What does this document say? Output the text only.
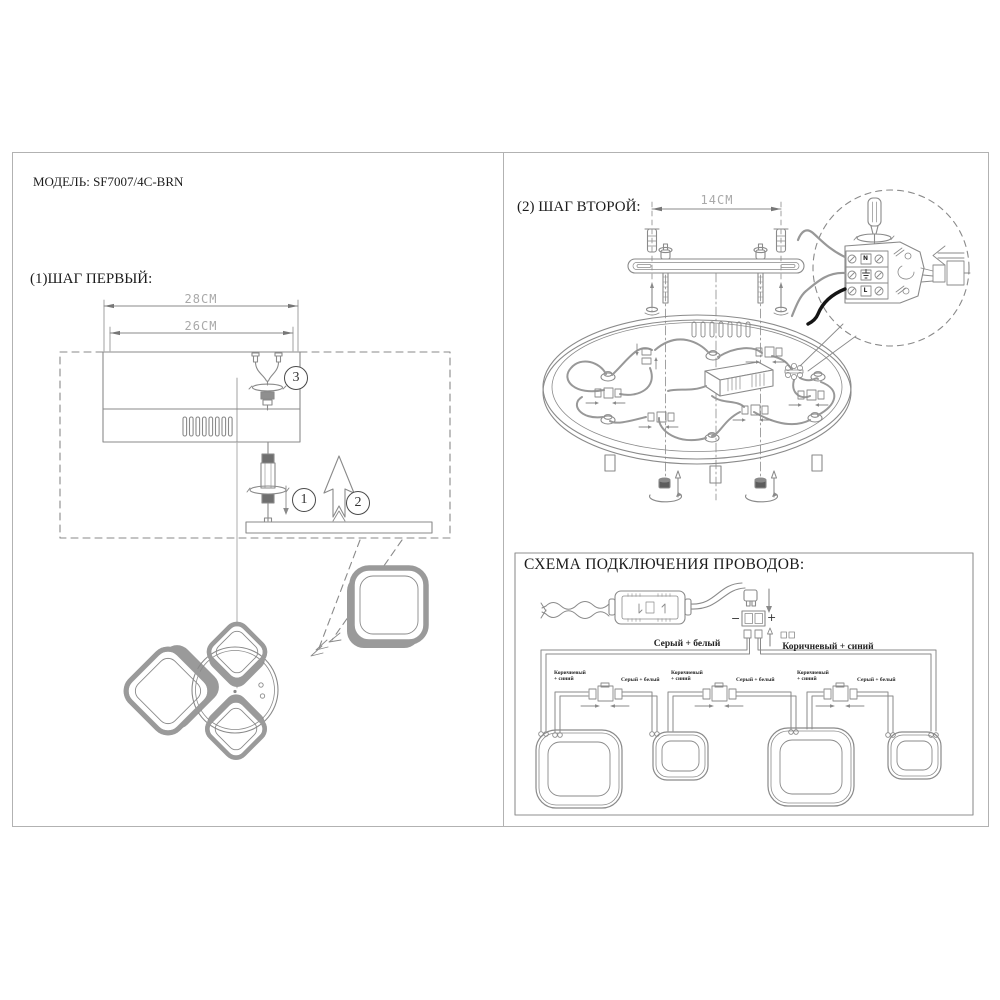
МОДЕЛЬ: SF7007/4C-BRN
(1)ШАГ ПЕРВЫЙ:
28CM
26CM
3
1	2
(2) ШАГ ВТОРОЙ:	14CM
N
L
СХЕМА ПОДКЛЮЧЕНИЯ ПРОВОДОВ:
− +
Серый + белый	Коричневый + синий
Коричневый
+ синий	Серый + белый
Коричневый
+ синий	Серый + белый
Коричневый
+ синий	Серый + белый
